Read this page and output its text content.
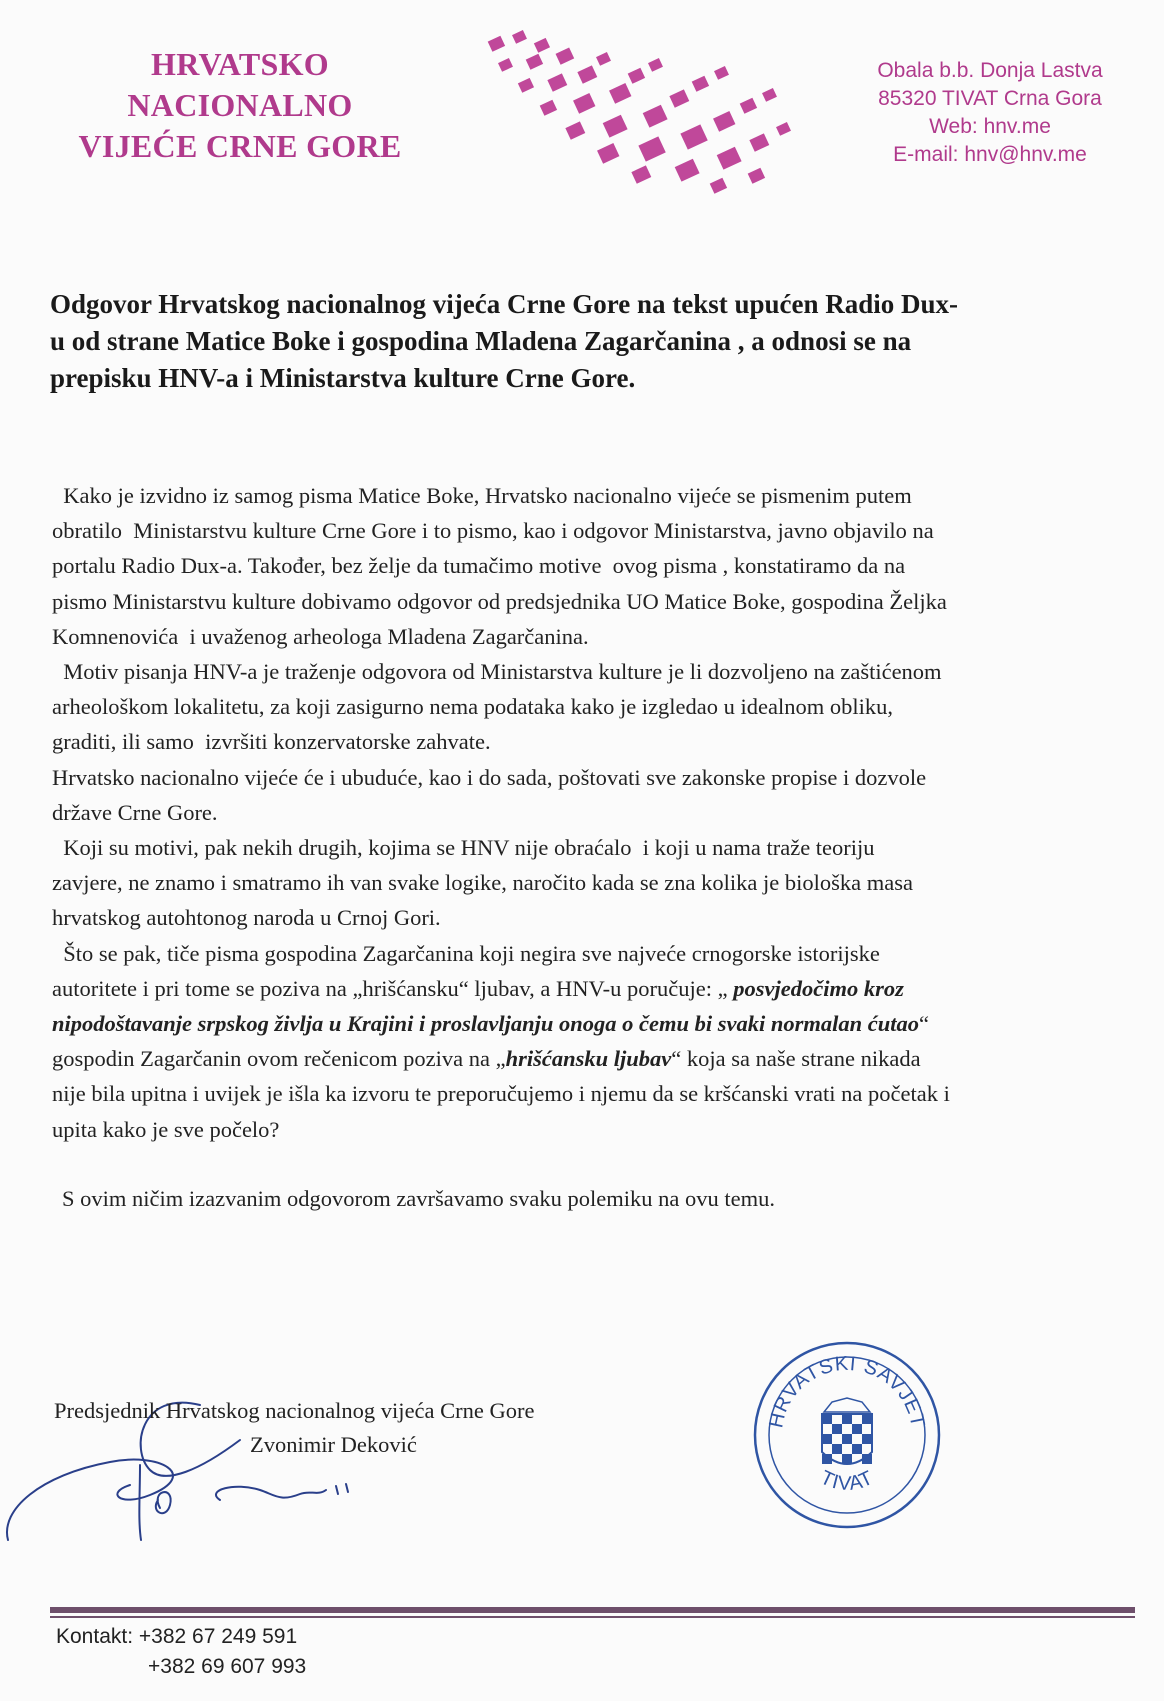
HRVATSKO
NACIONALNO
VIJEĆE CRNE GORE
Obala b.b. Donja Lastva
85320 TIVAT Crna Gora
Web: hnv.me
E-mail: hnv@hnv.me
Odgovor Hrvatskog nacionalnog vijeća Crne Gore na tekst upućen Radio Dux-
u od strane Matice Boke i gospodina Mladena Zagarčanina , a odnosi se na
prepisku HNV-a i Ministarstva kulture Crne Gore.

Kako je izvidno iz samog pisma Matice Boke, Hrvatsko nacionalno vijeće se pismenim putem

obratilo  Ministarstvu kulture Crne Gore i to pismo, kao i odgovor Ministarstva, javno objavilo na

portalu Radio Dux-a. Također, bez želje da tumačimo motive  ovog pisma , konstatiramo da na

pismo Ministarstvu kulture dobivamo odgovor od predsjednika UO Matice Boke, gospodina Željka

Komnenovića  i uvaženog arheologa Mladena Zagarčanina.

Motiv pisanja HNV-a je traženje odgovora od Ministarstva kulture je li dozvoljeno na zaštićenom

arheološkom lokalitetu, za koji zasigurno nema podataka kako je izgledao u idealnom obliku,

graditi, ili samo  izvršiti konzervatorske zahvate.

Hrvatsko nacionalno vijeće će i ubuduće, kao i do sada, poštovati sve zakonske propise i dozvole

države Crne Gore.

Koji su motivi, pak nekih drugih, kojima se HNV nije obraćalo  i koji u nama traže teoriju

zavjere, ne znamo i smatramo ih van svake logike, naročito kada se zna kolika je biološka masa

hrvatskog autohtonog naroda u Crnoj Gori.

Što se pak, tiče pisma gospodina Zagarčanina koji negira sve najveće crnogorske istorijske

autoritete i pri tome se poziva na „hrišćansku“ ljubav, a HNV-u poručuje: „ posvjedočimo kroz

nipodoštavanje srpskog življa u Krajini i proslavljanju onoga o čemu bi svaki normalan ćutao“

gospodin Zagarčanin ovom rečenicom poziva na „hrišćansku ljubav“ koja sa naše strane nikada

nije bila upitna i uvijek je išla ka izvoru te preporučujemo i njemu da se kršćanski vrati na početak i

upita kako je sve počelo?

S ovim ničim izazvanim odgovorom završavamo svaku polemiku na ovu temu.
Predsjednik Hrvatskog nacionalnog vijeća Crne Gore
Zvonimir Deković
HRVATSKI SAVJET
TIVAT
Kontakt: +382 67 249 591
+382 69 607 993
